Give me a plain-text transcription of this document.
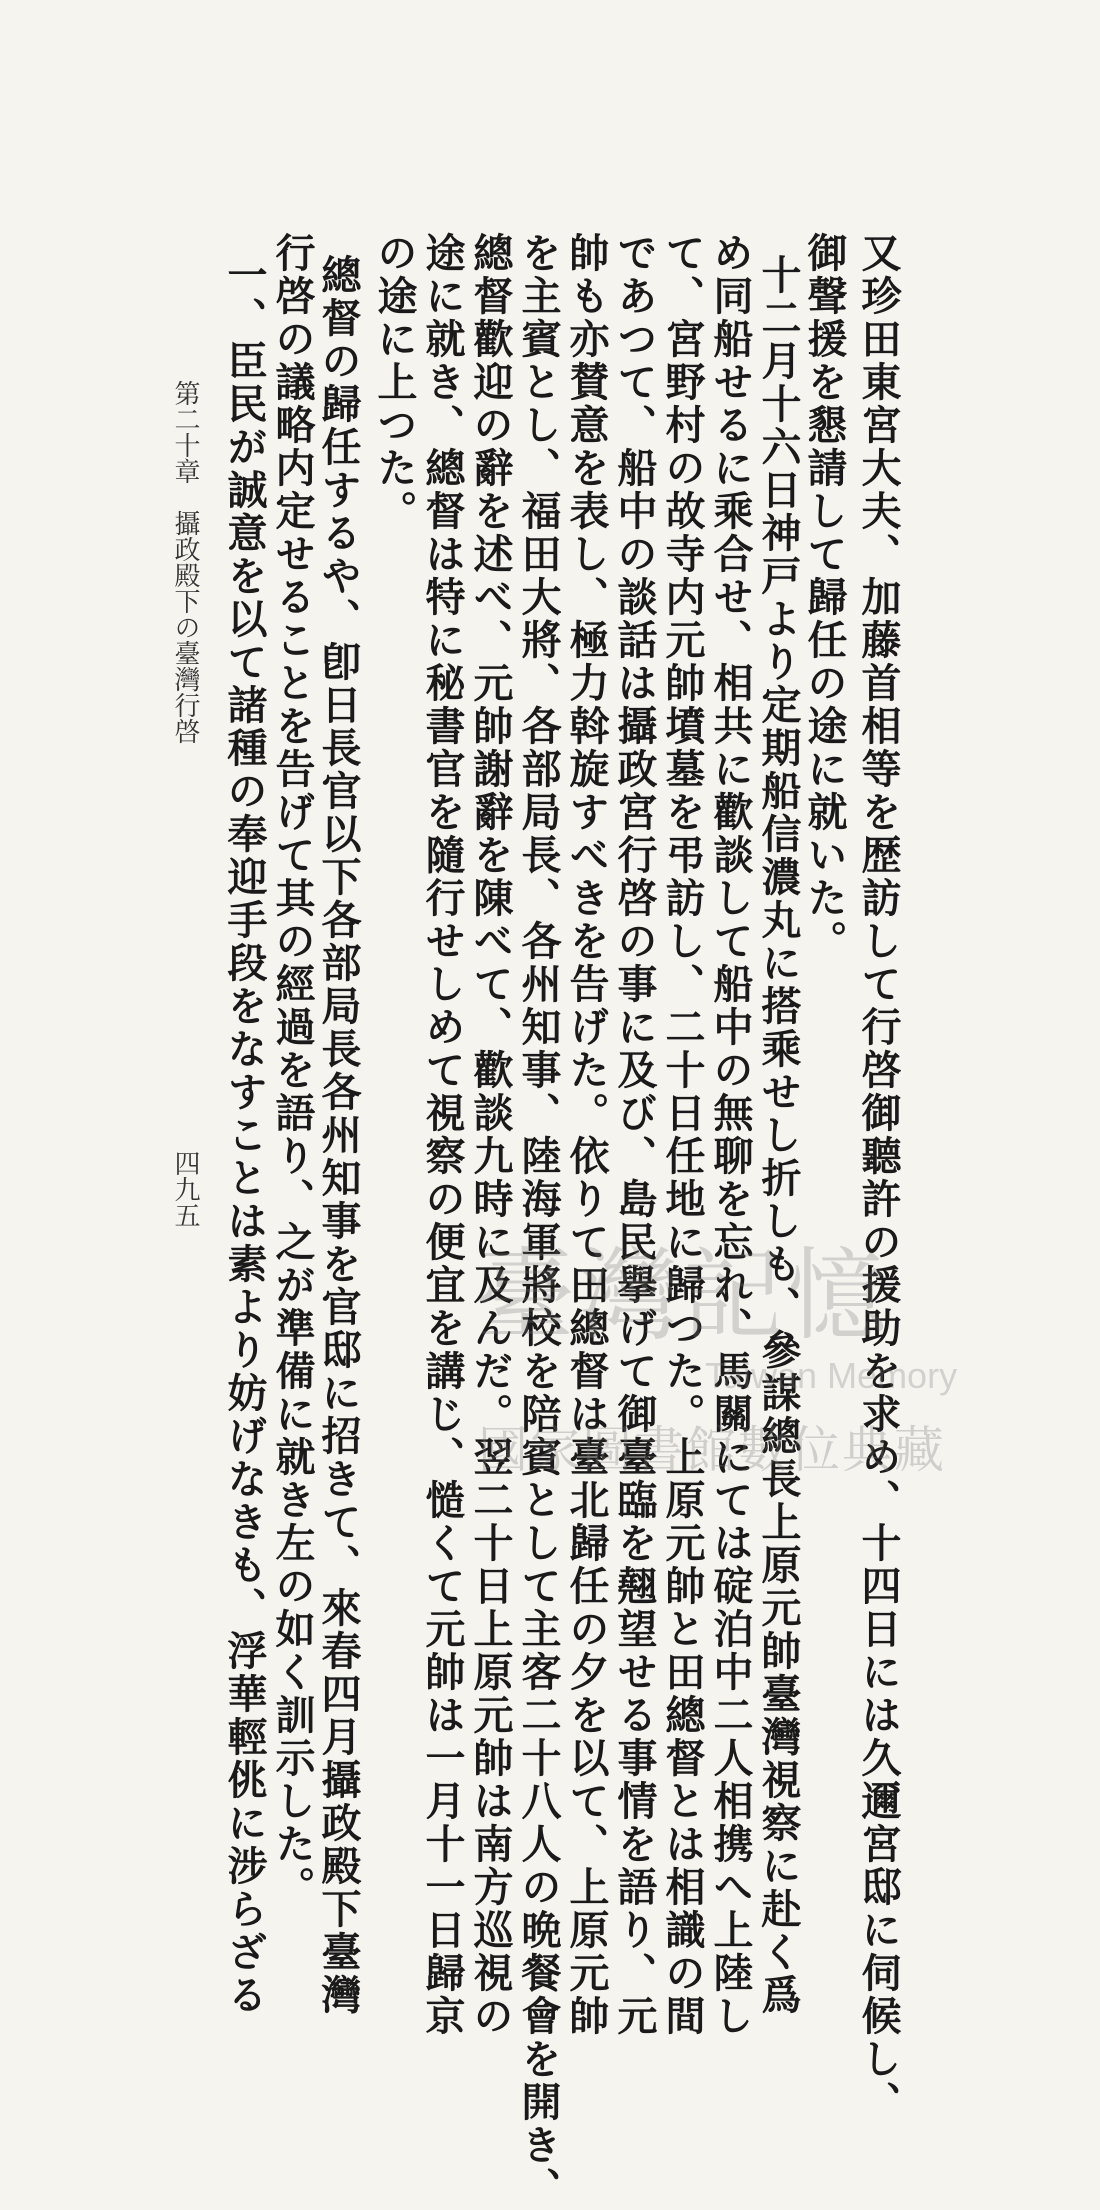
又珍田東宮大夫、加藤首相等を歴訪して行啓御聽許の援助を求め、十四日には久邇宮邸に伺候し、
御聲援を懇請して歸任の途に就いた。
十二月十六日神戸より定期船信濃丸に搭乘せし折しも、參謀總長上原元帥臺灣視察に赴く爲
め同船せるに乘合せ、相共に歡談して船中の無聊を忘れ、馬關にては碇泊中二人相携へ上陸し
て、宮野村の故寺内元帥墳墓を弔訪し、二十日任地に歸つた。上原元帥と田總督とは相識の間
であつて、船中の談話は攝政宮行啓の事に及び、島民擧げて御臺臨を翹望せる事情を語り、元
帥も亦賛意を表し、極力斡旋すべきを告げた。依りて田總督は臺北歸任の夕を以て、上原元帥
を主賓とし、福田大將、各部局長、各州知事、陸海軍將校を陪賓として主客二十八人の晩餐會を開き、
總督歡迎の辭を述べ、元帥謝辭を陳べて、歡談九時に及んだ。翌二十日上原元帥は南方巡視の
途に就き、總督は特に秘書官を隨行せしめて視察の便宜を講じ、慥くて元帥は一月十一日歸京
の途に上つた。
總督の歸任するや、卽日長官以下各部局長各州知事を官邸に招きて、來春四月攝政殿下臺灣
行啓の議略内定せることを告げて其の經過を語り、之が準備に就き左の如く訓示した。
一、臣民が誠意を以て諸種の奉迎手段をなすことは素より妨げなきも、浮華輕佻に涉らざる
第二十章　攝政殿下の臺灣行啓
四九五
臺灣記憶
Taiwan Memory
國家圖書館數位典藏
